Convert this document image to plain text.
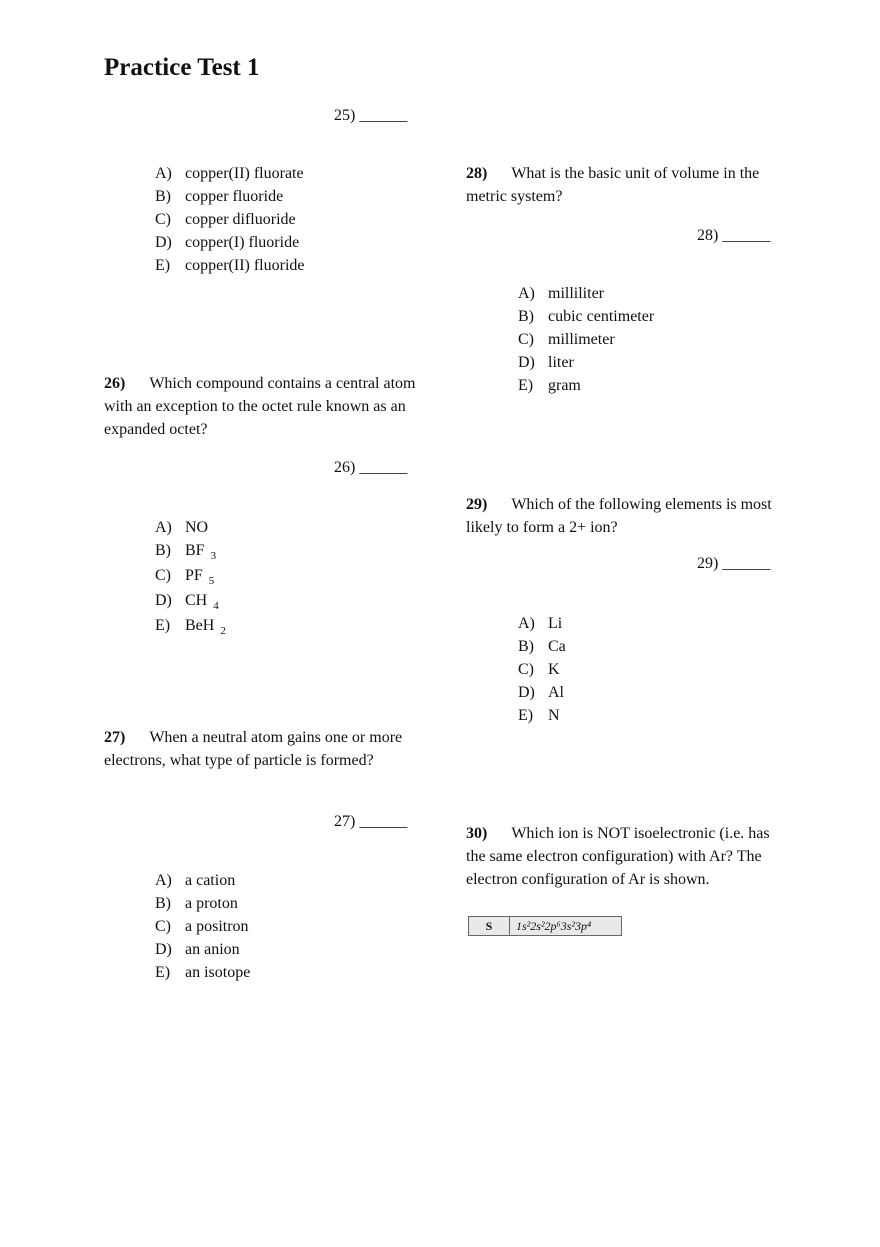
Practice Test 1
25) ______
A) copper(II) fluorate
B) copper fluoride
C) copper difluoride
D) copper(I) fluoride
E) copper(II) fluoride
26) Which compound contains a central atom with an exception to the octet rule known as an expanded octet?
26) ______
A) NO
B) BF $_3$
C) PF $_5$
D) CH $_4$
E) BeH $_2$
27) When a neutral atom gains one or more electrons, what type of particle is formed?
27) ______
A) a cation
B) a proton
C) a positron
D) an anion
E) an isotope
28) What is the basic unit of volume in the metric system?
28) ______
A) milliliter
B) cubic centimeter
C) millimeter
D) liter
E) gram
29) Which of the following elements is most likely to form a 2+ ion?
29) ______
A) Li
B) Ca
C) K
D) Al
E) N
30) Which ion is NOT isoelectronic (i.e. has the same electron configuration) with Ar? The electron configuration of Ar is shown.
S	1s²2s²2p⁶3s²3p⁴
